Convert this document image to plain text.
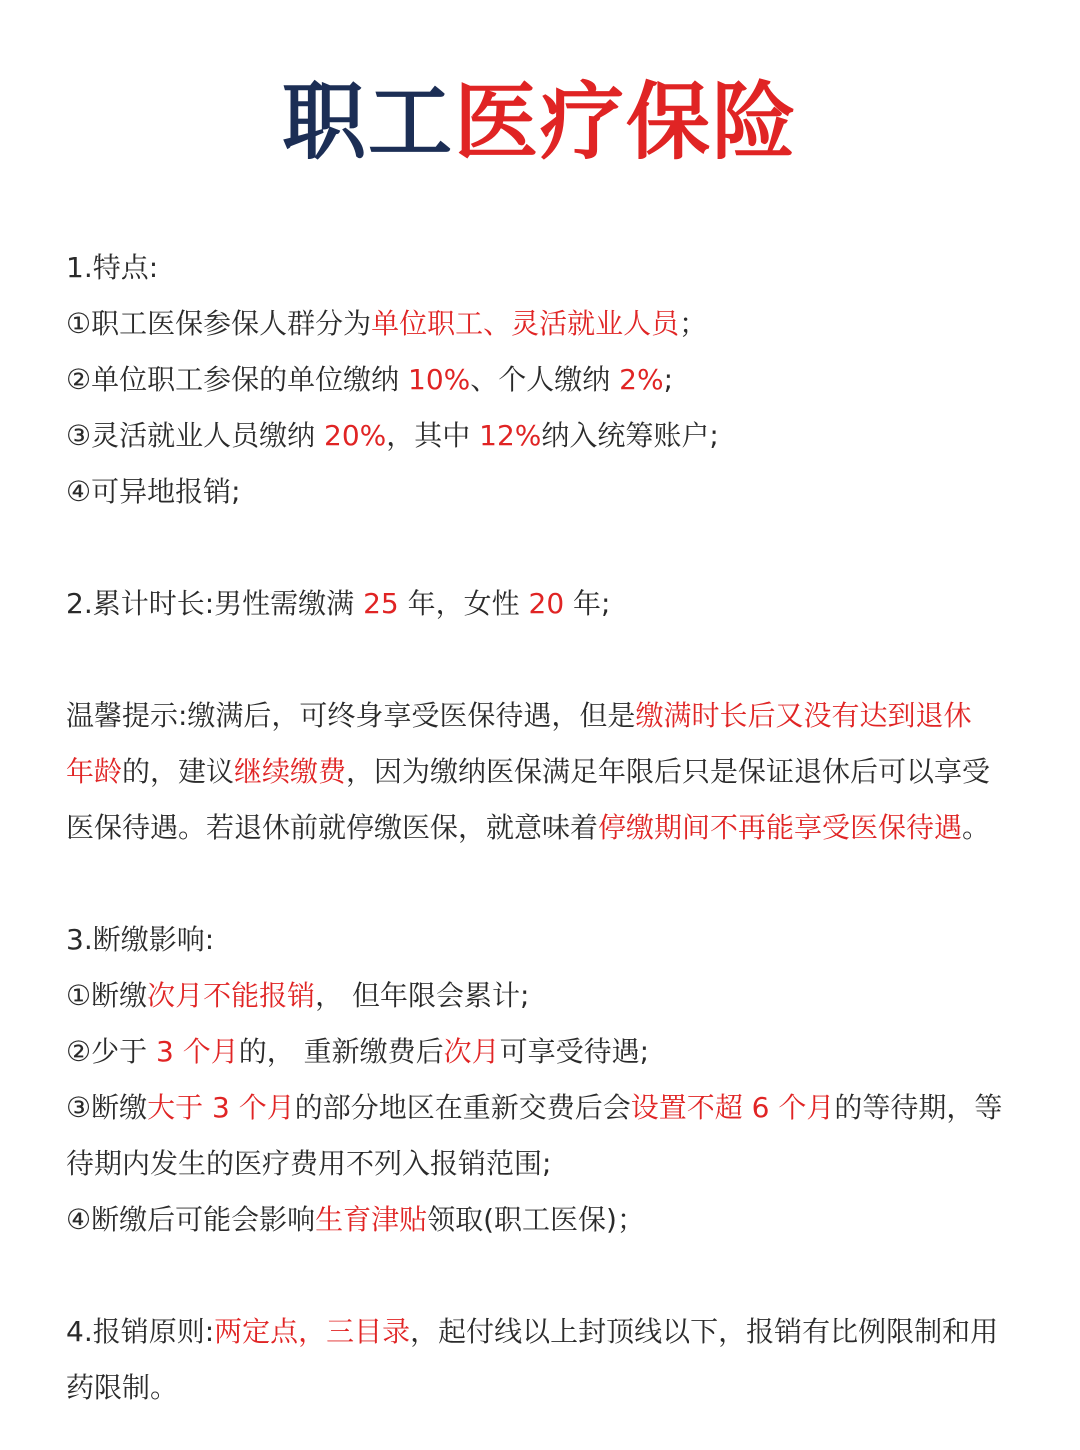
职工医疗保险
1.特点:
①职工医保参保人群分为单位职工、灵活就业人员；
②单位职工参保的单位缴纳 10%、个人缴纳 2%;
③灵活就业人员缴纳 20%，其中 12%纳入统筹账户;
④可异地报销;
2.累计时长:男性需缴满 25 年，女性 20 年;
温馨提示:缴满后，可终身享受医保待遇，但是缴满时长后又没有达到退休
年龄的，建议继续缴费，因为缴纳医保满足年限后只是保证退休后可以享受
医保待遇。若退休前就停缴医保，就意味着停缴期间不再能享受医保待遇。
3.断缴影响:
①断缴次月不能报销， 但年限会累计;
②少于 3 个月的， 重新缴费后次月可享受待遇;
③断缴大于 3 个月的部分地区在重新交费后会设置不超 6 个月的等待期，等
待期内发生的医疗费用不列入报销范围;
④断缴后可能会影响生育津贴领取(职工医保)；
4.报销原则:两定点，三目录，起付线以上封顶线以下，报销有比例限制和用
药限制。
